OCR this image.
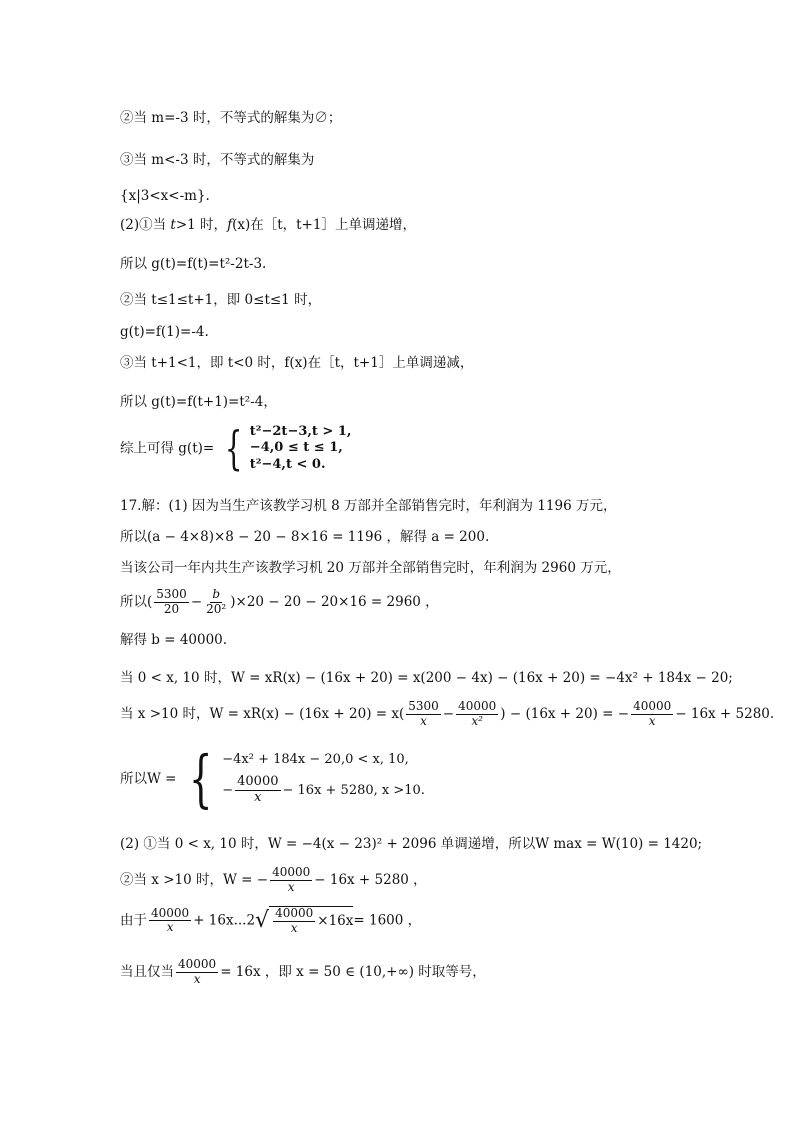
②当 m=-3 时，不等式的解集为∅；
③当 m<-3 时，不等式的解集为
{x|3<x<-m}.
(2)①当 t>1 时，f(x)在［t，t+1］上单调递增，
所以 g(t)=f(t)=t²-2t-3.
②当 t≤1≤t+1，即 0≤t≤1 时，
g(t)=f(1)=-4.
③当 t+1<1，即 t<0 时，f(x)在［t，t+1］上单调递减，
所以 g(t)=f(t+1)=t²-4，
综上可得 g(t)= { t²−2t−3,t > 1,
−4,0 ≤ t ≤ 1,
t²−4,t < 0.
17.解：(1) 因为当生产该教学习机 8 万部并全部销售完时，年利润为 1196 万元，
所以(a − 4×8)×8 − 20 − 8×16 = 1196 ，解得 a = 200.
当该公司一年内共生产该教学习机 20 万部并全部销售完时，年利润为 2960 万元，
所以( $\frac{5300}{20} - \frac{b}{\text{20²}} )\times 20 - 20 - 20\times 16 = 2960$ ，
解得 b = 40000.
当 0 < x, 10 时，W = xR(x) − (16x + 20) = x(200 − 4x) − (16x + 20) = −4x² + 184x − 20;
当 x >10 时，$W = xR(x) - (16x + 20) = x( \frac{5300}{x} - \frac{40000}{\text{x²}}$ ) − (16x + 20) = − $\frac{40000}{x} - 16x + 5280$.
所以W = { −4x² + 184x − 20,0 < x, 10,
− $\frac{40000}{x} - 16x + 5280$, x >10.
(2) ①当 0 < x, 10 时，W = −4(x − 23)² + 2096 单调递增，所以W max = W(10) = 1420;
②当 x >10 时，W = − $\frac{40000}{x} - 16x + 5280$ ，
由于 $\frac{40000}{x} + 16x...2$ √ $\frac{40000}{x} \times 16x = 1600$ ，
当且仅当 $\frac{40000}{x} = 16x$ ，即 x = 50 ∈ (10,+∞) 时取等号，
